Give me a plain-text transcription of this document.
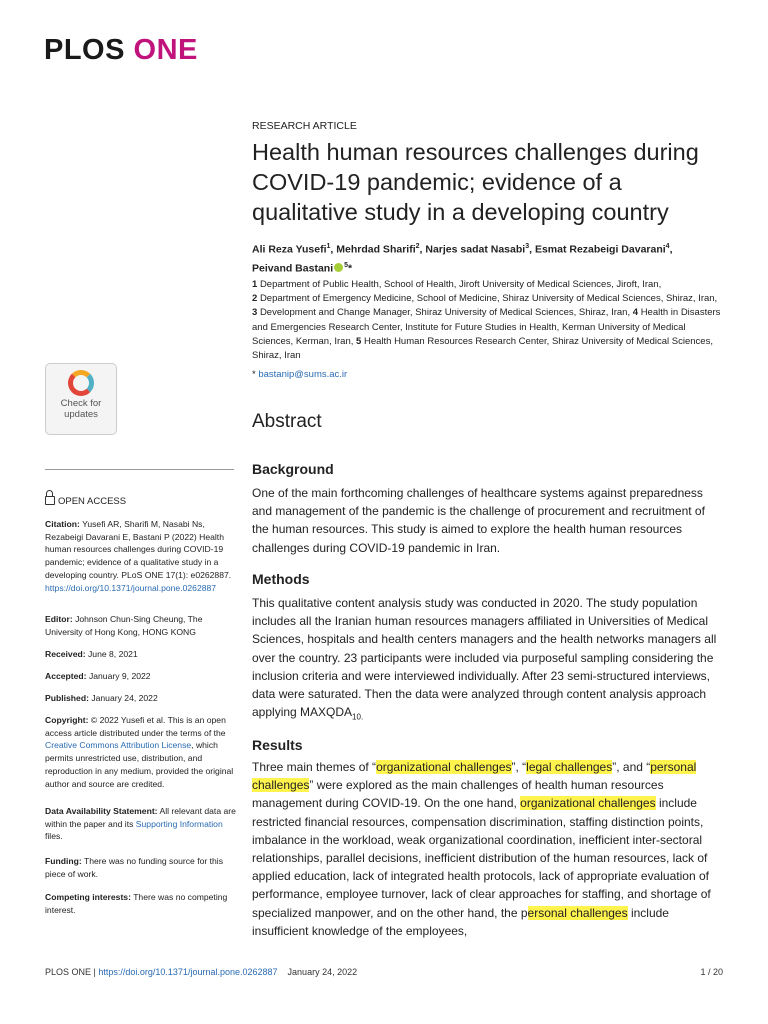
PLOS ONE
RESEARCH ARTICLE
Health human resources challenges during COVID-19 pandemic; evidence of a qualitative study in a developing country
Ali Reza Yusefi$^1$, Mehrdad Sharifi$^2$, Narjes sadat Nasabi$^3$, Esmat Rezabeigi Davarani$^4$,
Peivand Bastani $^5$*
1 Department of Public Health, School of Health, Jiroft University of Medical Sciences, Jiroft, Iran,
2 Department of Emergency Medicine, School of Medicine, Shiraz University of Medical Sciences, Shiraz, Iran, 3 Development and Change Manager, Shiraz University of Medical Sciences, Shiraz, Iran, 4 Health in Disasters and Emergencies Research Center, Institute for Future Studies in Health, Kerman University of Medical Sciences, Kerman, Iran, 5 Health Human Resources Research Center, Shiraz University of Medical Sciences, Shiraz, Iran
* bastanip@sums.ac.ir
Abstract
Background
One of the main forthcoming challenges of healthcare systems against preparedness and management of the pandemic is the challenge of procurement and recruitment of the human resources. This study is aimed to explore the health human resources challenges during COVID-19 pandemic in Iran.
Methods
This qualitative content analysis study was conducted in 2020. The study population includes all the Iranian human resources managers affiliated in Universities of Medical Sciences, hospitals and health centers managers and the health networks managers all over the country. 23 participants were included via purposeful sampling considering the inclusion criteria and were interviewed individually. After 23 semi-structured interviews, data were saturated. Then the data were analyzed through content analysis approach applying $MAXQDA_{10.}$
Results
Three main themes of “organizational challenges”, “legal challenges”, and “personal challenges” were explored as the main challenges of health human resources management during COVID-19. On the one hand, organizational challenges include restricted financial resources, compensation discrimination, staffing distinction points, imbalance in the workload, weak organizational coordination, inefficient inter-sectoral relationships, parallel decisions, inefficient distribution of the human resources, lack of applied education, lack of integrated health protocols, lack of appropriate evaluation of performance, employee turnover, lack of clear approaches for staffing, and shortage of specialized manpower, and on the other hand, the personal challenges include insufficient knowledge of the employees,
Check for
updates
OPEN ACCESS
Citation: Yusefi AR, Sharifi M, Nasabi Ns, Rezabeigi Davarani E, Bastani P (2022) Health human resources challenges during COVID-19 pandemic; evidence of a qualitative study in a developing country. PLoS ONE 17(1): e0262887. https://doi.org/10.1371/journal.pone.0262887
Editor: Johnson Chun-Sing Cheung, The University of Hong Kong, HONG KONG
Received: June 8, 2021
Accepted: January 9, 2022
Published: January 24, 2022
Copyright: © 2022 Yusefi et al. This is an open access article distributed under the terms of the Creative Commons Attribution License, which permits unrestricted use, distribution, and reproduction in any medium, provided the original author and source are credited.
Data Availability Statement: All relevant data are within the paper and its Supporting Information files.
Funding: There was no funding source for this piece of work.
Competing interests: There was no competing interest.
PLOS ONE | https://doi.org/10.1371/journal.pone.0262887 January 24, 2022	1 / 20
